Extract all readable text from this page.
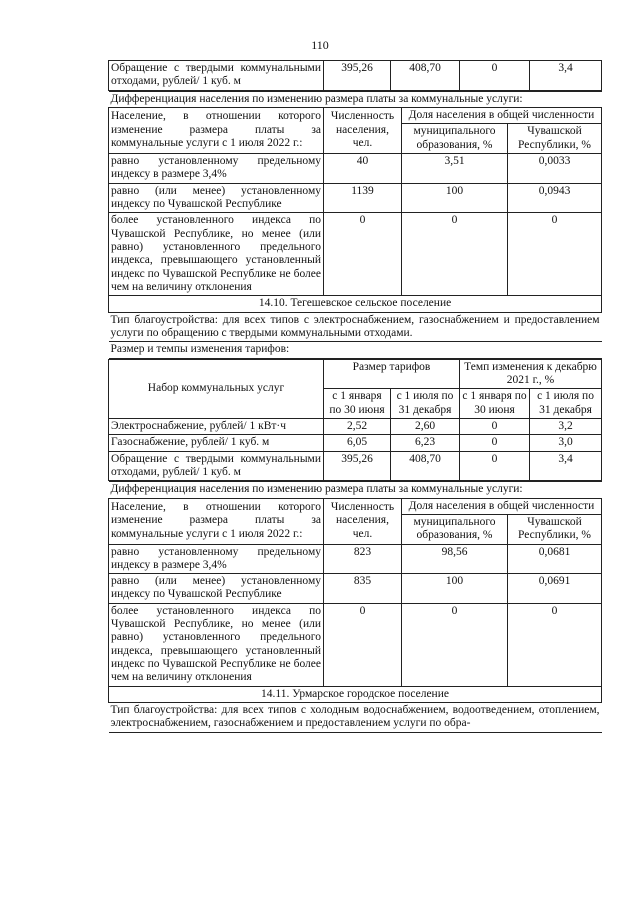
110
Обращение с твердыми коммунальными отходами, рублей/ 1 куб. м	395,26	408,70	0	3,4
Дифференциация населения по изменению размера платы за коммунальные услуги:			
Население, в отношении которого изменение размера платы за коммунальные услуги с 1 июля 2022 г.:	Численность населения, чел.	Доля населения в общей численности	
		муниципального образования, %	Чувашской Республики, %
равно установленному предельному индексу в размере 3,4%	40	3,51	0,0033
равно (или менее) установленному индексу по Чувашской Республике	1139	100	0,0943
более установленного индекса по Чувашской Республике, но менее (или равно) установленного предельного индекса, превышающего установленный индекс по Чувашской Республике не более чем на величину отклонения	0	0	0
14.10. Тегешевское сельское поселение			
Тип благоустройства: для всех типов с электроснабжением, газоснабжением и предоставлением услуги по обращению с твердыми коммунальными отходами.			
Размер и темпы изменения тарифов:			
Набор коммунальных услуг	Размер тарифов		Темп изменения к декабрю 2021 г., %	
	с 1 января по 30 июня	с 1 июля по 31 декабря	с 1 января по 30 июня	с 1 июля по 31 декабря
Электроснабжение, рублей/ 1 кВт·ч	2,52	2,60	0	3,2
Газоснабжение, рублей/ 1 куб. м	6,05	6,23	0	3,0
Обращение с твердыми коммунальными отходами, рублей/ 1 куб. м	395,26	408,70	0	3,4
Дифференциация населения по изменению размера платы за коммунальные услуги:			
Население, в отношении которого изменение размера платы за коммунальные услуги с 1 июля 2022 г.:	Численность населения, чел.	Доля населения в общей численности	
		муниципального образования, %	Чувашской Республики, %
равно установленному предельному индексу в размере 3,4%	823	98,56	0,0681
равно (или менее) установленному индексу по Чувашской Республике	835	100	0,0691
более установленного индекса по Чувашской Республике, но менее (или равно) установленного предельного индекса, превышающего установленный индекс по Чувашской Республике не более чем на величину отклонения	0	0	0
14.11. Урмарское городское поселение			
Тип благоустройства: для всех типов с холодным водоснабжением, водоотведением, отоплением, электроснабжением, газоснабжением и предоставлением услуги по обра-			
